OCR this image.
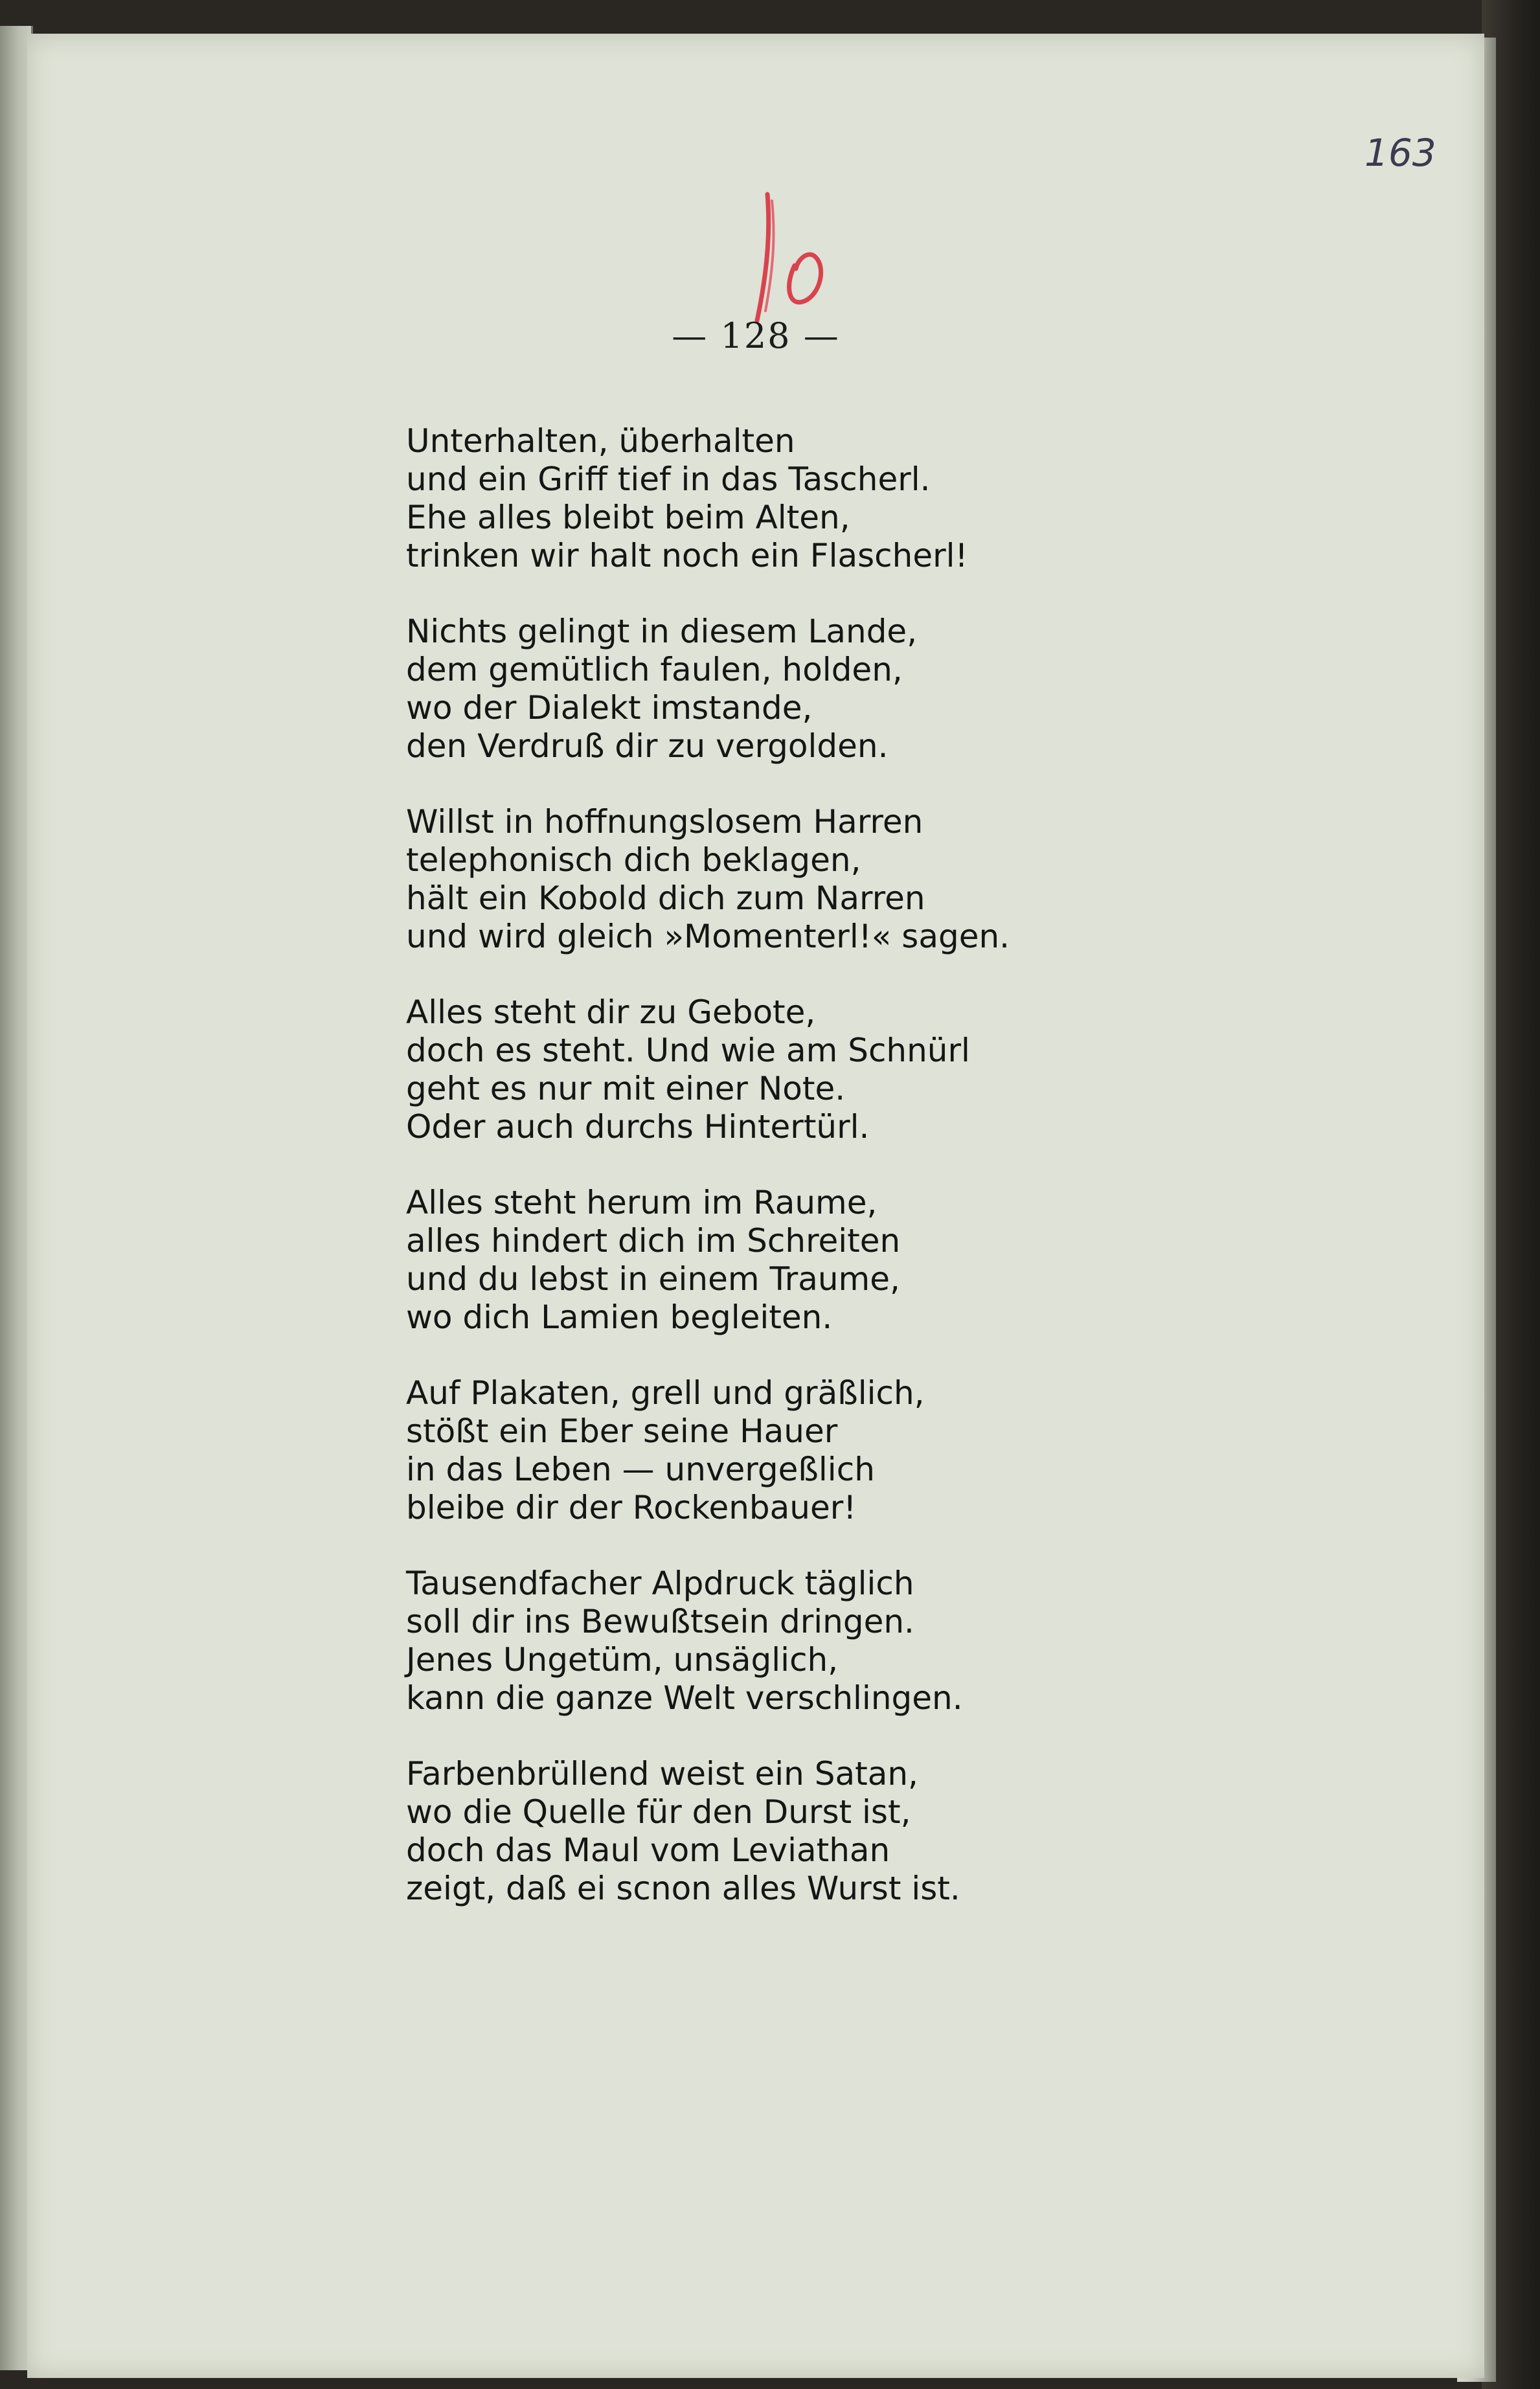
163
— 128 —
Unterhalten, überhalten
und ein Griff tief in das Tascherl.
Ehe alles bleibt beim Alten,
trinken wir halt noch ein Flascherl!
Nichts gelingt in diesem Lande,
dem gemütlich faulen, holden,
wo der Dialekt imstande,
den Verdruß dir zu vergolden.
Willst in hoffnungslosem Harren
telephonisch dich beklagen,
hält ein Kobold dich zum Narren
und wird gleich »Momenterl!« sagen.
Alles steht dir zu Gebote,
doch es steht. Und wie am Schnürl
geht es nur mit einer Note.
Oder auch durchs Hintertürl.
Alles steht herum im Raume,
alles hindert dich im Schreiten
und du lebst in einem Traume,
wo dich Lamien begleiten.
Auf Plakaten, grell und gräßlich,
stößt ein Eber seine Hauer
in das Leben — unvergeßlich
bleibe dir der Rockenbauer!
Tausendfacher Alpdruck täglich
soll dir ins Bewußtsein dringen.
Jenes Ungetüm, unsäglich,
kann die ganze Welt verschlingen.
Farbenbrüllend weist ein Satan,
wo die Quelle für den Durst ist,
doch das Maul vom Leviathan
zeigt, daß ei scnon alles Wurst ist.
